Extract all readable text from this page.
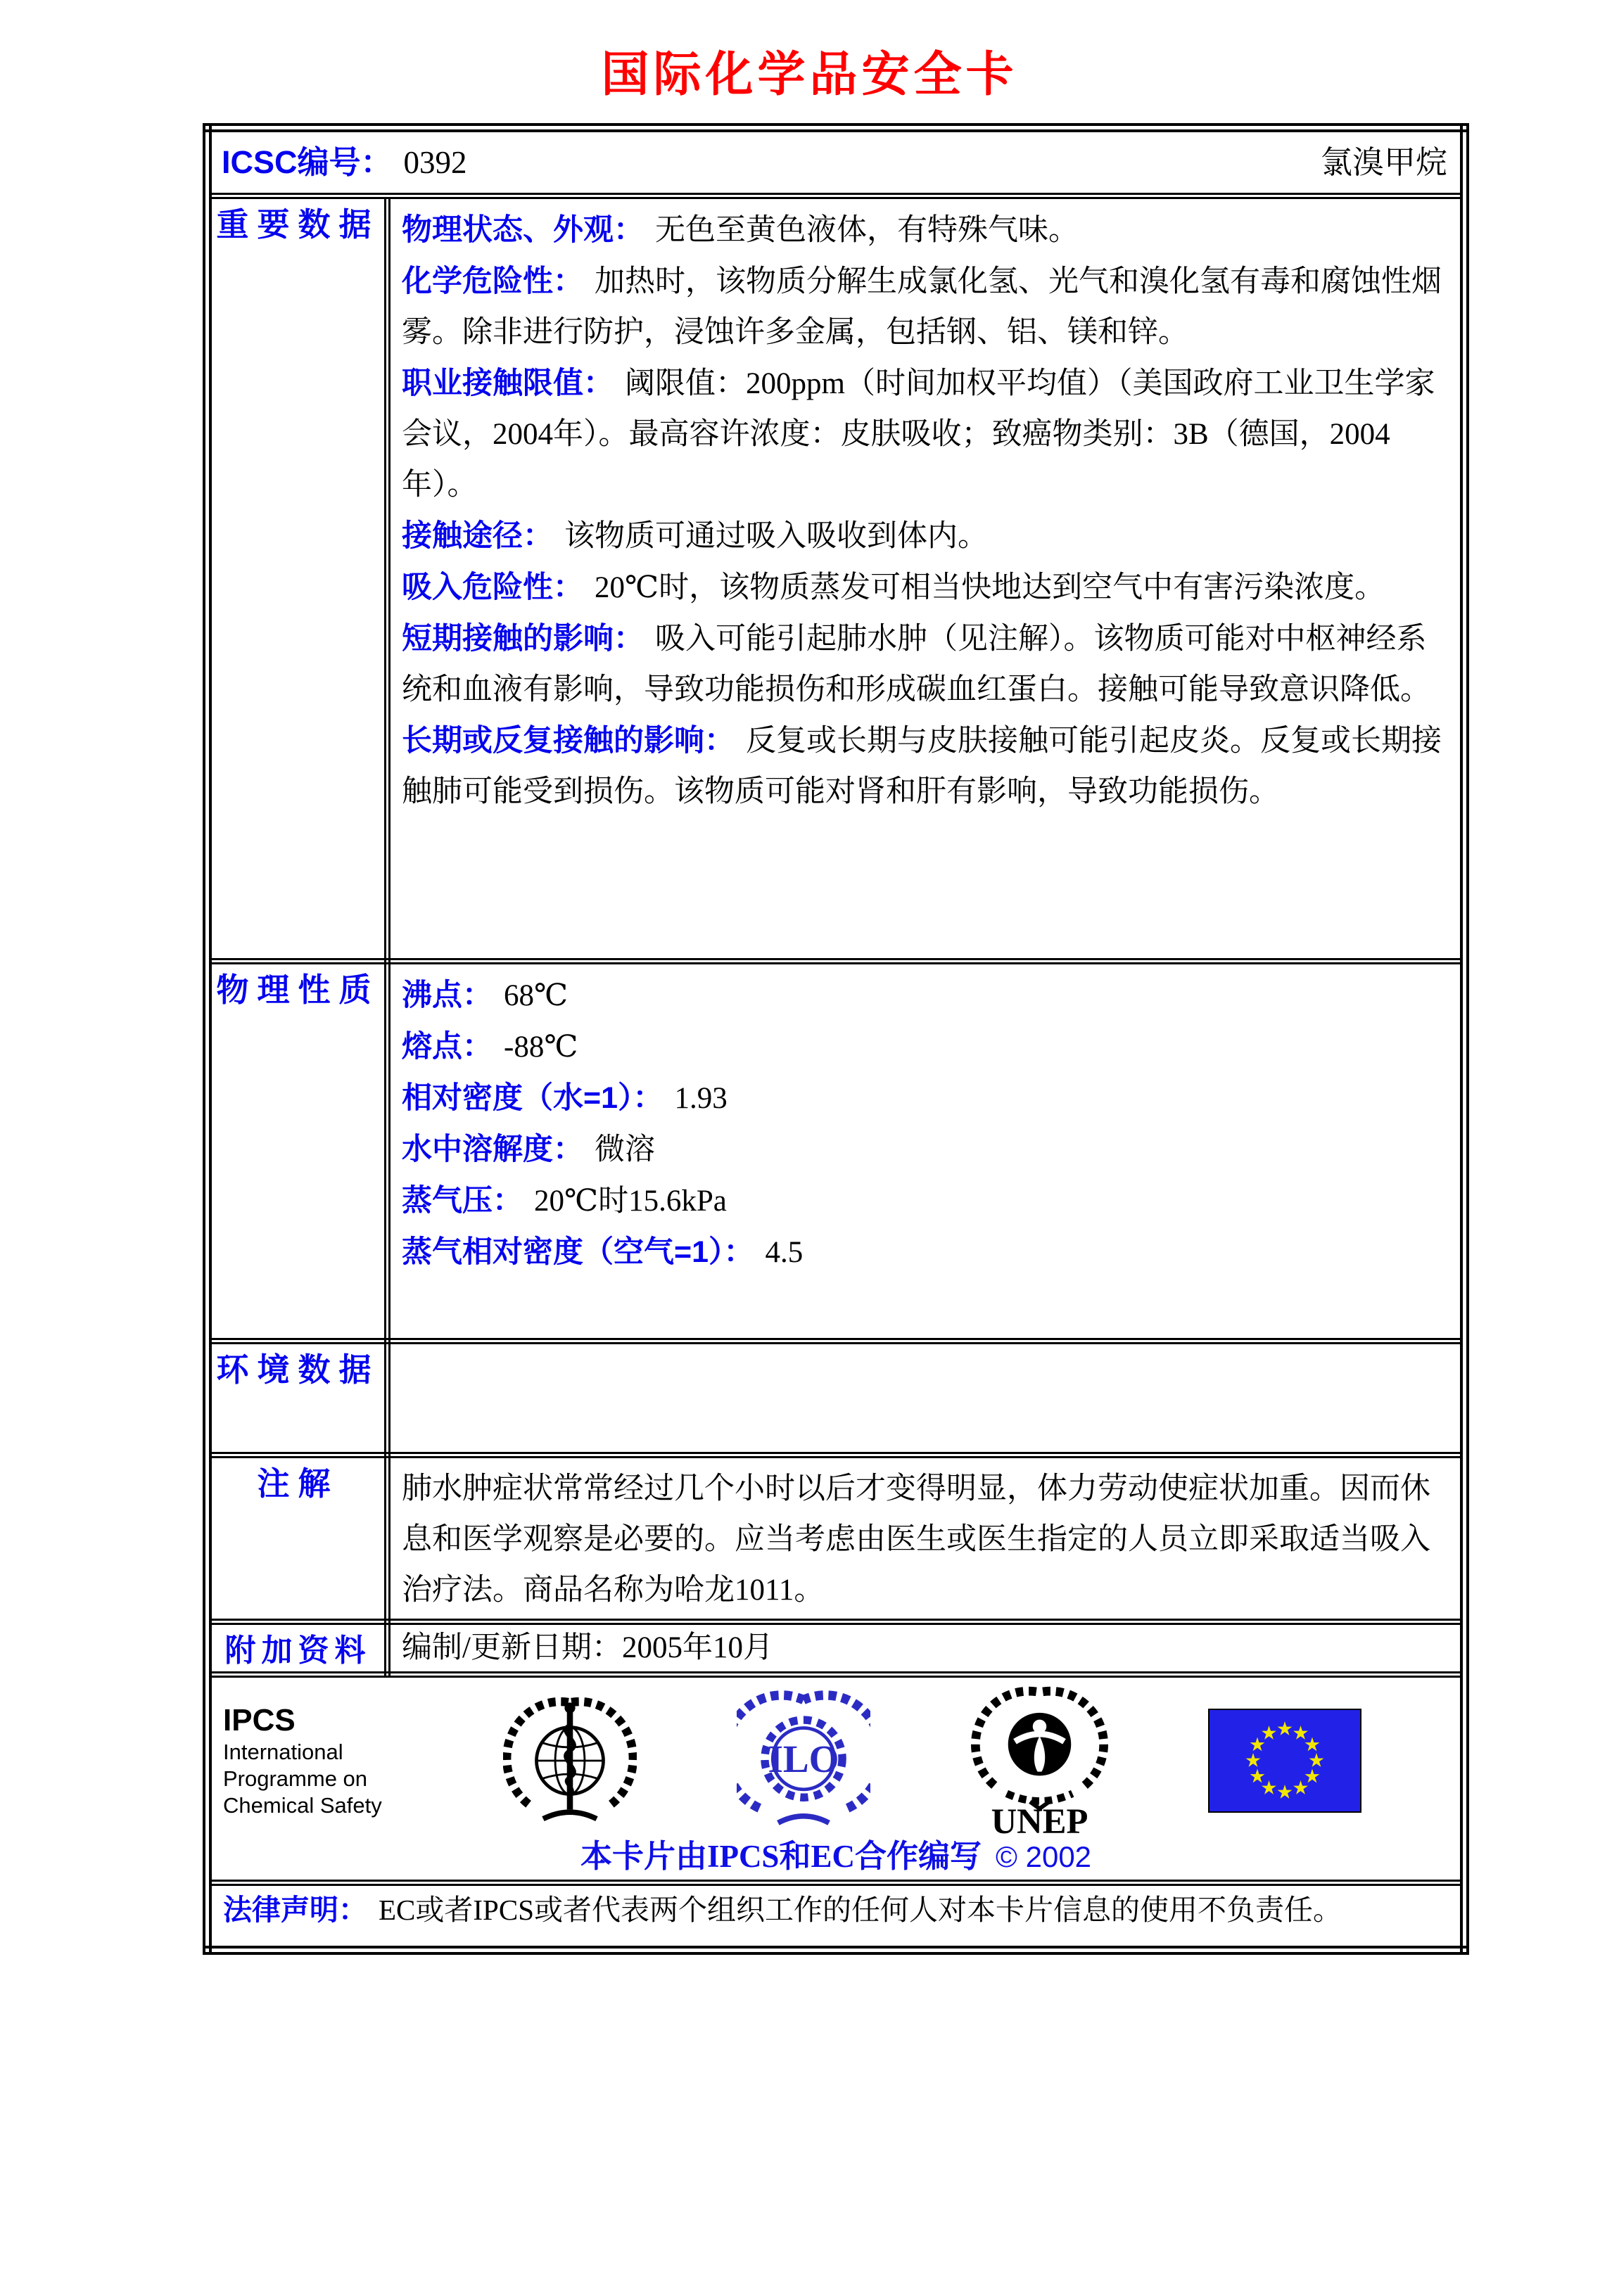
国际化学品安全卡
ICSC编号： 0392 氯溴甲烷	

重要数据	物理状态、外观： 无色至黄色液体，有特殊气味。

化学危险性： 加热时，该物质分解生成氯化氢、光气和溴化氢有毒和腐蚀性烟雾。除非进行防护，浸蚀许多金属，包括钢、铝、镁和锌。

职业接触限值： 阈限值：200ppm（时间加权平均值）（美国政府工业卫生学家会议，2004年）。最高容许浓度：皮肤吸收；致癌物类别：3B（德国，2004年）。

接触途径： 该物质可通过吸入吸收到体内。

吸入危险性： 20℃时，该物质蒸发可相当快地达到空气中有害污染浓度。

短期接触的影响： 吸入可能引起肺水肿（见注解）。该物质可能对中枢神经系统和血液有影响，导致功能损伤和形成碳血红蛋白。接触可能导致意识降低。

长期或反复接触的影响： 反复或长期与皮肤接触可能引起皮炎。反复或长期接触肺可能受到损伤。该物质可能对肾和肝有影响，导致功能损伤。

物理性质	沸点： 68℃

熔点： -88℃

相对密度（水=1）： 1.93

水中溶解度： 微溶

蒸气压： 20℃时15.6kPa

蒸气相对密度（空气=1）： 4.5

环境数据	
注解	肺水肿症状常常经过几个小时以后才变得明显，体力劳动使症状加重。因而休息和医学观察是必要的。应当考虑由医生或医生指定的人员立即采取适当吸入治疗法。商品名称为哈龙1011。
附加资料	编制/更新日期：2005年10月

IPCS
International
Programme on
Chemical Safety
ILO
UNEP
本卡片由IPCS和EC合作编写 © 2002

法律声明： EC或者IPCS或者代表两个组织工作的任何人对本卡片信息的使用不负责任。	
